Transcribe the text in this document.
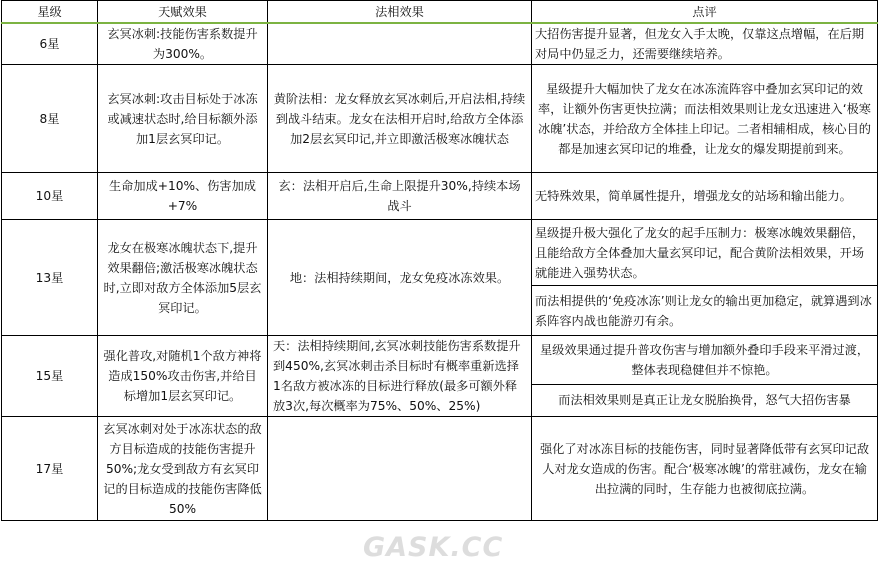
星级	天赋效果	法相效果	点评
6星	玄冥冰刺:技能伤害系数提升为300%。		大招伤害提升显著，但龙女入手太晚，仅靠这点增幅，在后期对局中仍显乏力，还需要继续培养。
8星	玄冥冰刺:攻击目标处于冰冻或减速状态时,给目标额外添加1层玄冥印记。	黄阶法相：龙女释放玄冥冰刺后,开启法相,持续到战斗结束。龙女在法相开启时,给敌方全体添加2层玄冥印记,并立即激活极寒冰魄状态	星级提升大幅加快了龙女在冰冻流阵容中叠加玄冥印记的效率，让额外伤害更快拉满；而法相效果则让龙女迅速进入‘极寒冰魄’状态，并给敌方全体挂上印记。二者相辅相成，核心目的都是加速玄冥印记的堆叠，让龙女的爆发期提前到来。
10星	生命加成+10%、伤害加成+7%	玄：法相开启后,生命上限提升30%,持续本场战斗	无特殊效果，简单属性提升，增强龙女的站场和输出能力。
13星	龙女在极寒冰魄状态下,提升效果翻倍;激活极寒冰魄状态时,立即对敌方全体添加5层玄冥印记。	地：法相持续期间，龙女免疫冰冻效果。	星级提升极大强化了龙女的起手压制力：极寒冰魄效果翻倍，且能给敌方全体叠加大量玄冥印记，配合黄阶法相效果，开场就能进入强势状态。
			而法相提供的‘免疫冰冻’则让龙女的输出更加稳定，就算遇到冰系阵容内战也能游刃有余。
15星	强化普攻,对随机1个敌方神将造成150%攻击伤害,并给目标增加1层玄冥印记。	天：法相持续期间,玄冥冰刺技能伤害系数提升到450%,玄冥冰刺击杀目标时有概率重新选择1名敌方被冰冻的目标进行释放(最多可额外释放3次,每次概率为75%、50%、25%)	星级效果通过提升普攻伤害与增加额外叠印手段来平滑过渡，整体表现稳健但并不惊艳。
			而法相效果则是真正让龙女脱胎换骨，怒气大招伤害暴
17星	玄冥冰刺对处于冰冻状态的敌方目标造成的技能伤害提升50%;龙女受到敌方有玄冥印记的目标造成的技能伤害降低50%		强化了对冰冻目标的技能伤害，同时显著降低带有玄冥印记敌人对龙女造成的伤害。配合‘极寒冰魄’的常驻减伤，龙女在输出拉满的同时，生存能力也被彻底拉满。
GASK.CC
